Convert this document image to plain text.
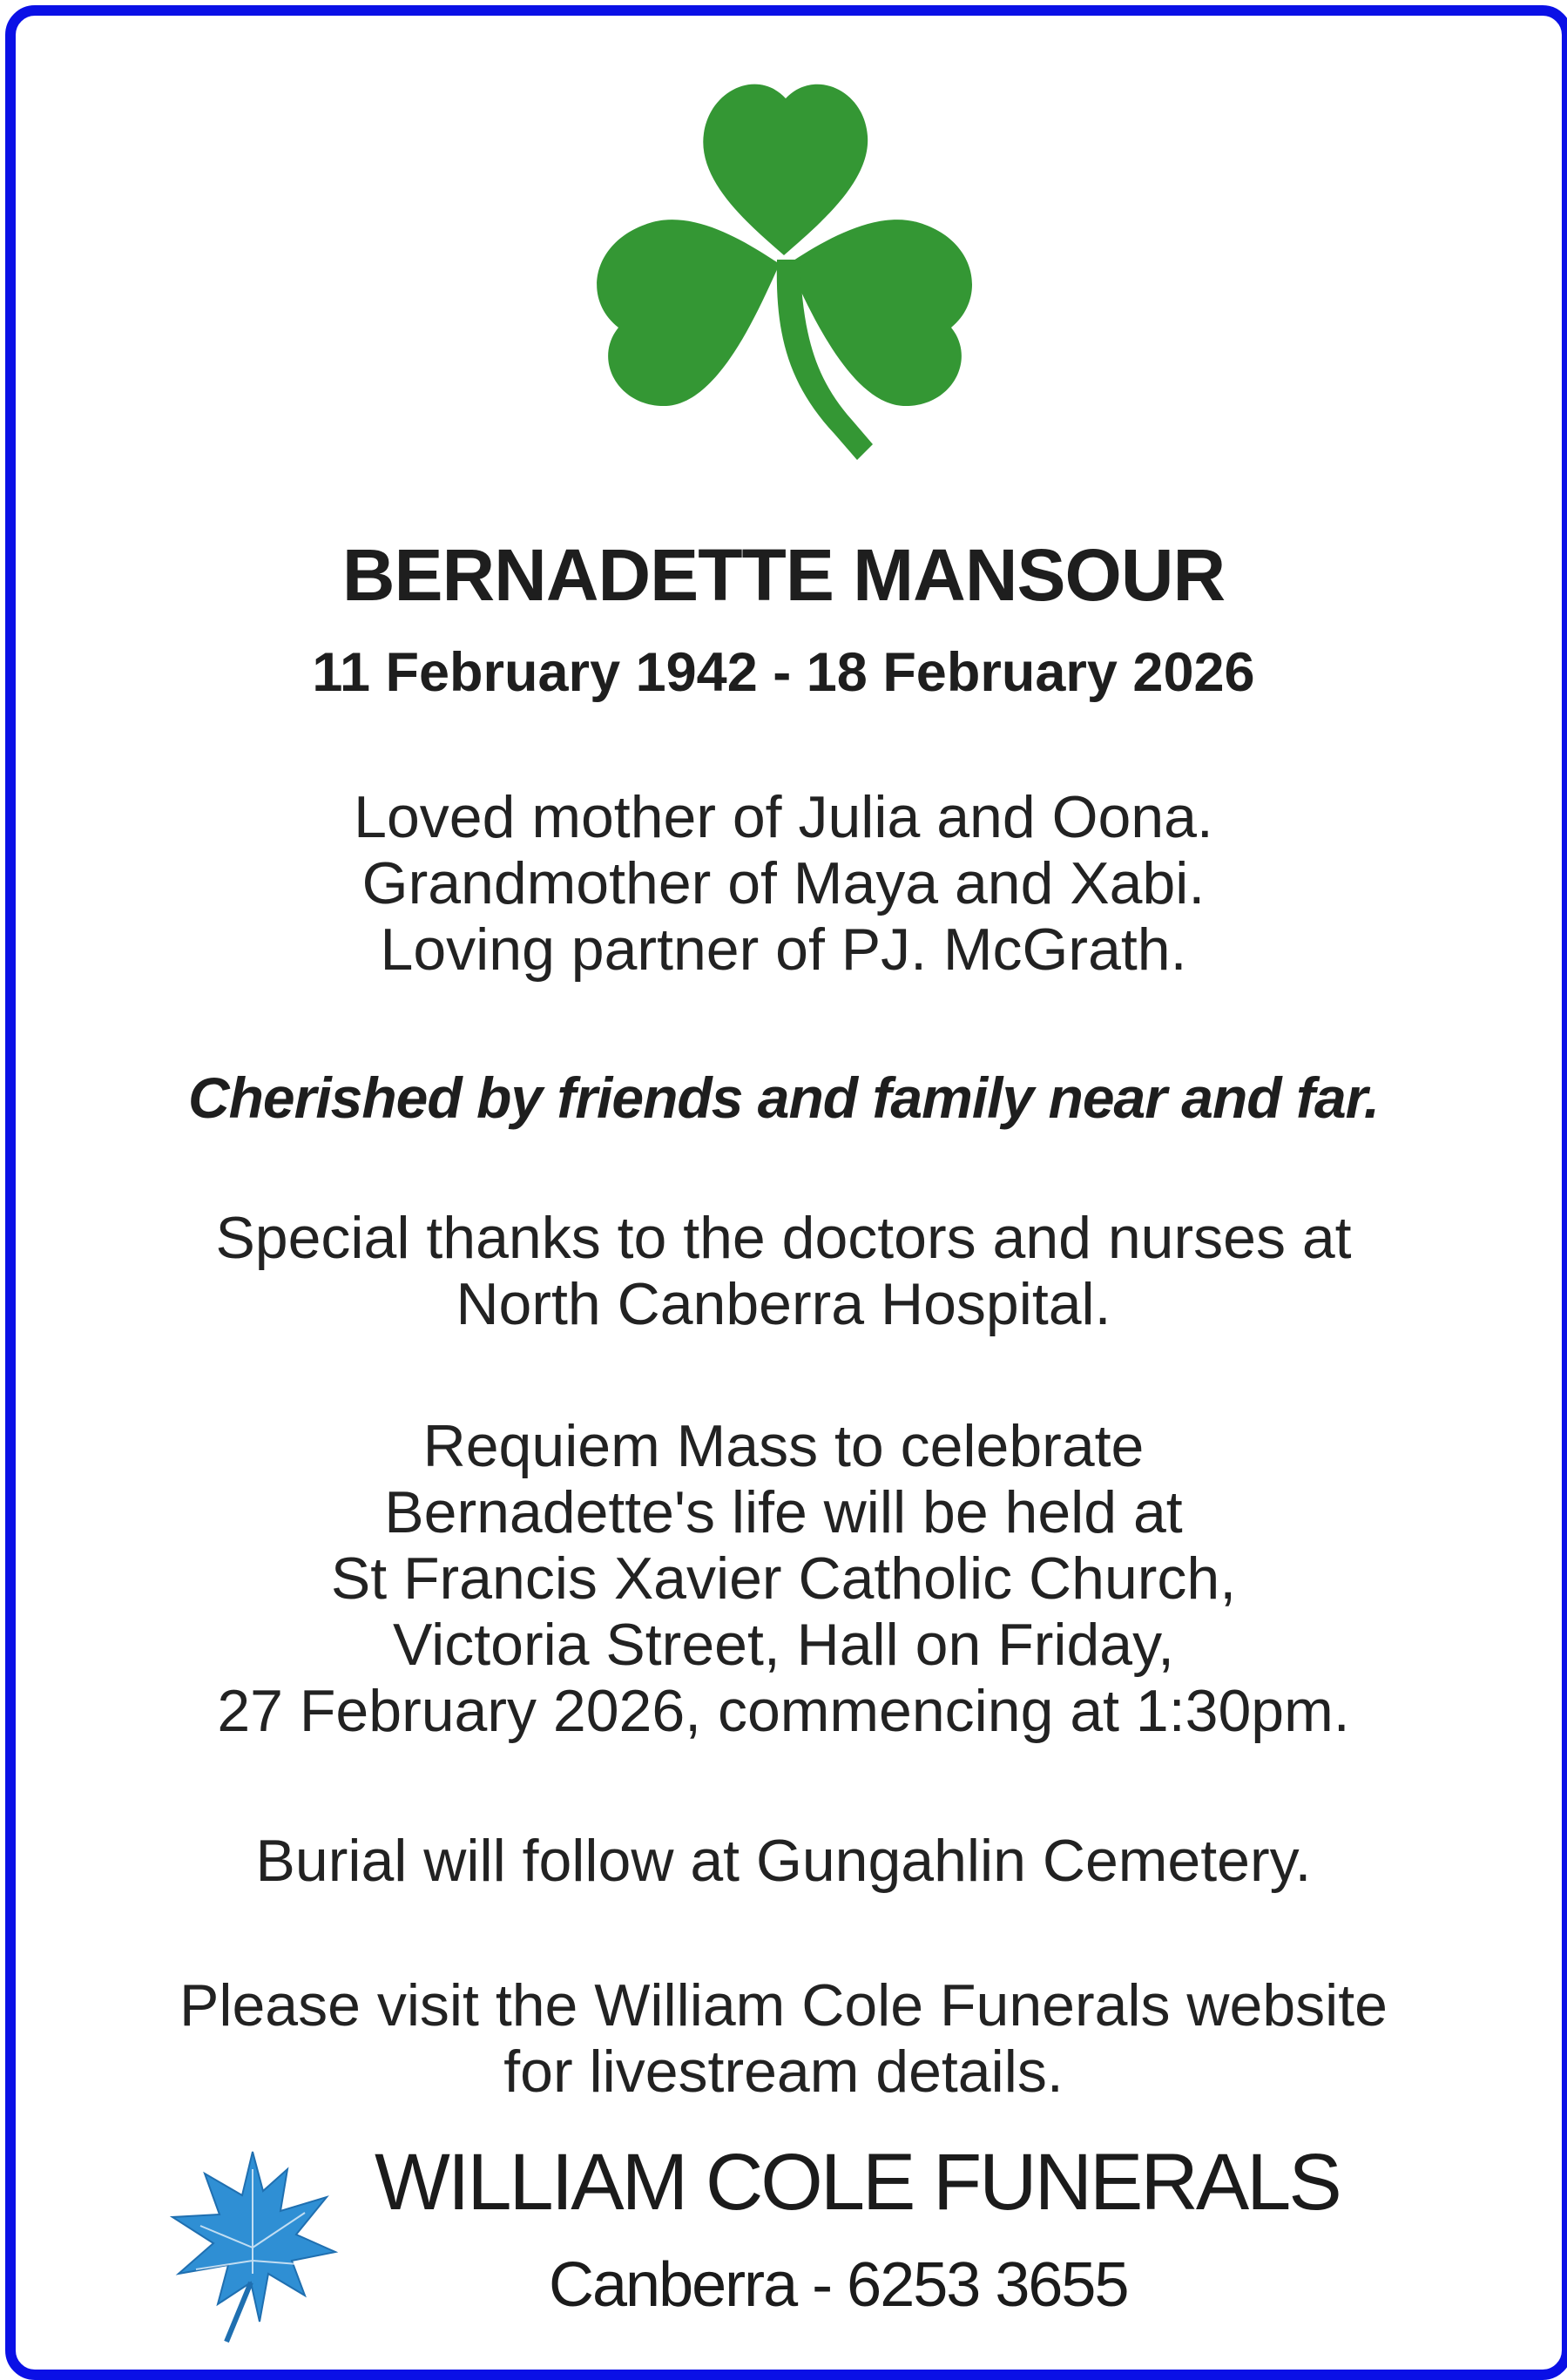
BERNADETTE MANSOUR
11 February 1942 - 18 February 2026
Loved mother of Julia and Oona.
Grandmother of Maya and Xabi.
Loving partner of PJ. McGrath.
Cherished by friends and family near and far.
Special thanks to the doctors and nurses at
North Canberra Hospital.
Requiem Mass to celebrate
Bernadette's life will be held at
St Francis Xavier Catholic Church,
Victoria Street, Hall on Friday,
27 February 2026, commencing at 1:30pm.
Burial will follow at Gungahlin Cemetery.
Please visit the William Cole Funerals website
for livestream details.
WILLIAM COLE FUNERALS
Canberra - 6253 3655
